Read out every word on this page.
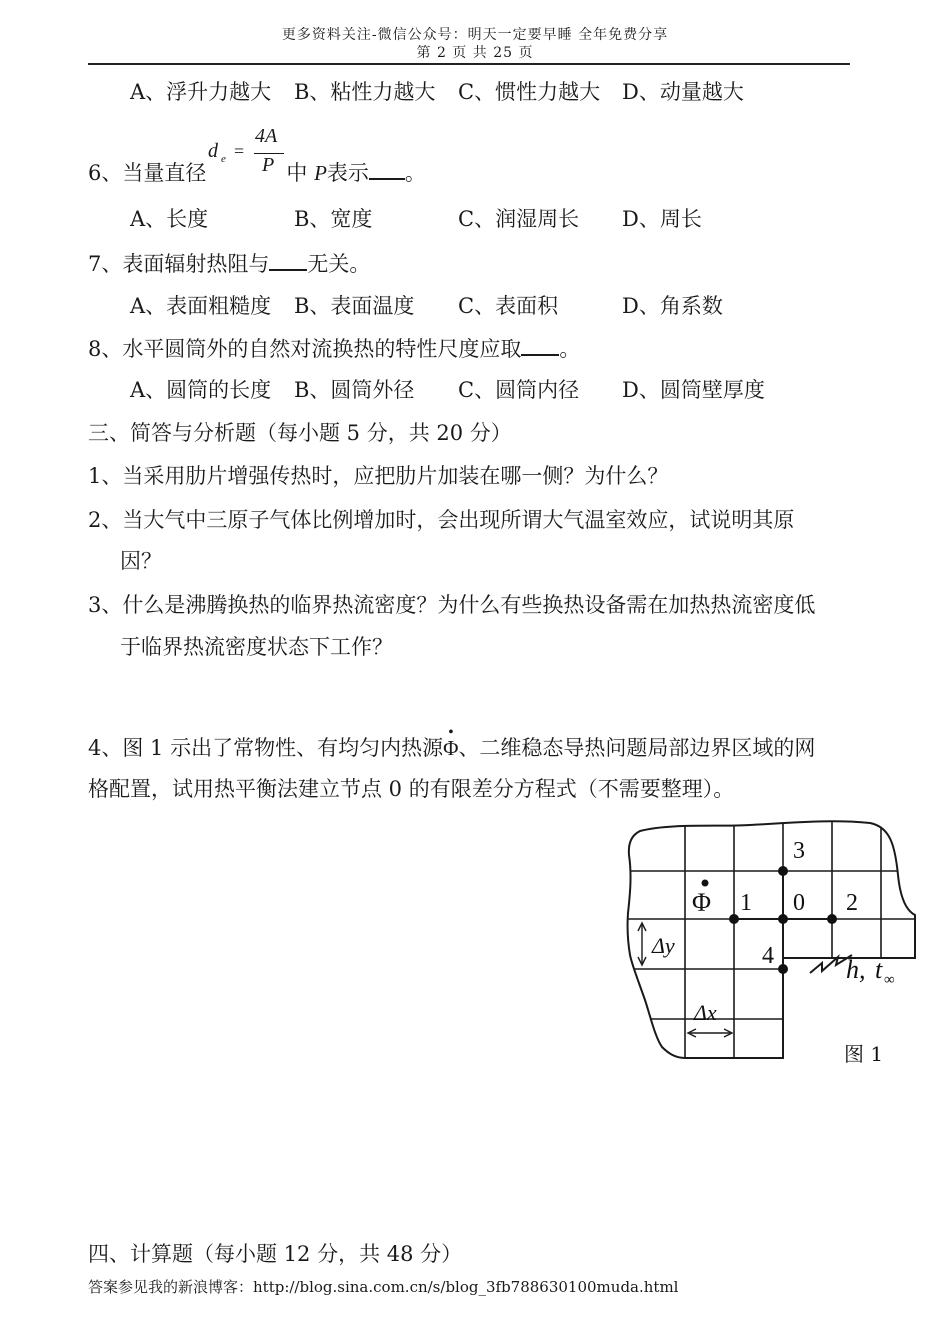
更多资料关注-微信公众号：明天一定要早睡 全年免费分享
第 2 页 共 25 页
A、浮升力越大 B、粘性力越大 C、惯性力越大 D、动量越大
6、当量直径	中 P表示 。
d e =
4A
P
A、长度	B、宽度	C、润湿周长 D、周长
7、表面辐射热阻与 无关。
A、表面粗糙度 B、表面温度 C、表面积	D、角系数
8、水平圆筒外的自然对流换热的特性尺度应取 。
A、圆筒的长度 B、圆筒外径 C、圆筒内径 D、圆筒壁厚度
三、简答与分析题（每小题 5 分，共 20 分）
1、当采用肋片增强传热时，应把肋片加装在哪一侧？为什么？
2、当大气中三原子气体比例增加时，会出现所谓大气温室效应，试说明其原
因？
3、什么是沸腾换热的临界热流密度？为什么有些换热设备需在加热热流密度低
于临界热流密度状态下工作？
4、图 1 示出了常物性、有均匀内热源Φ
•
、二维稳态导热问题局部边界区域的网
格配置，试用热平衡法建立节点 0 的有限差分方程式（不需要整理）。
1 0 2
3
4
Φ
Δy
Δx
h, t ∞
图 1
四、计算题（每小题 12 分，共 48 分）
答案参见我的新浪博客：http://blog.sina.com.cn/s/blog_3fb788630100muda.html
